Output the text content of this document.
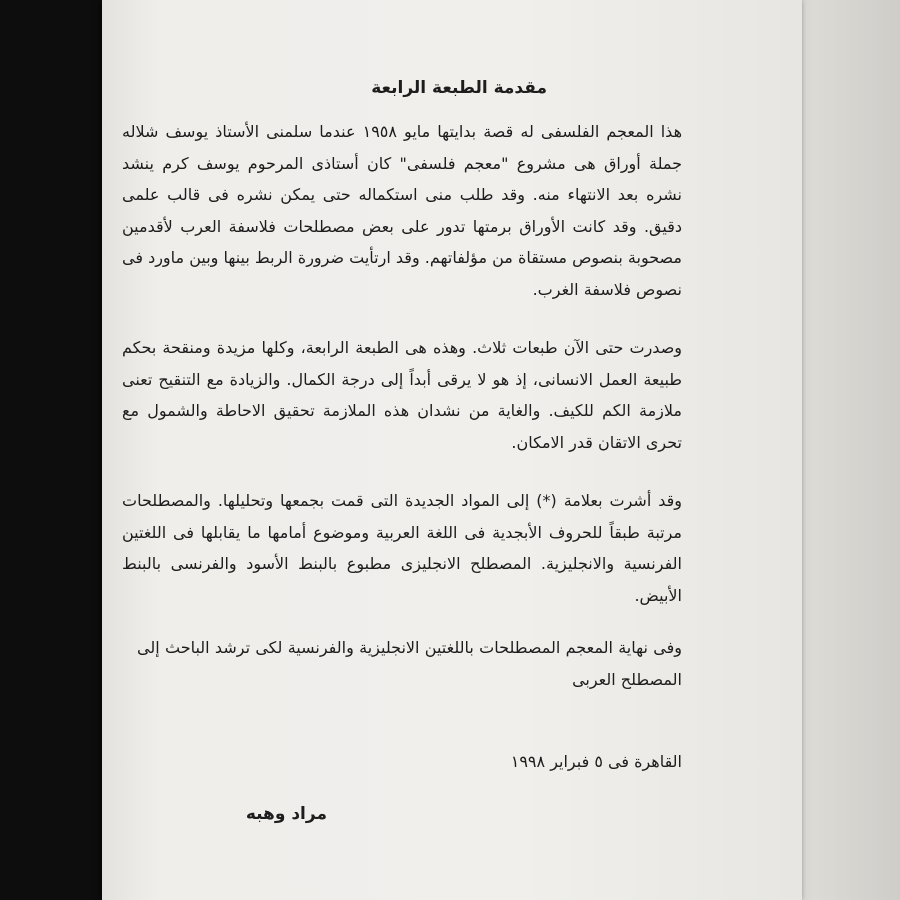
مقدمة الطبعة الرابعة
هذا المعجم الفلسفى له قصة بدايتها مايو ١٩٥٨ عندما سلمنى الأستاذ يوسف شلاله جملة أوراق هى مشروع "معجم فلسفى" كان أستاذى المرحوم يوسف كرم ينشد نشره بعد الانتهاء منه. وقد طلب منى استكماله حتى يمكن نشره فى قالب علمى دقيق. وقد كانت الأوراق برمتها تدور على بعض مصطلحات فلاسفة العرب لأقدمين مصحوبة بنصوص مستقاة من مؤلفاتهم. وقد ارتأيت ضرورة الربط بينها وبين ماورد فى نصوص فلاسفة الغرب.
وصدرت حتى الآن طبعات ثلاث. وهذه هى الطبعة الرابعة، وكلها مزيدة ومنقحة بحكم طبيعة العمل الانسانى، إذ هو لا يرقى أبداً إلى درجة الكمال. والزيادة مع التنقيح تعنى ملازمة الكم للكيف. والغاية من نشدان هذه الملازمة تحقيق الاحاطة والشمول مع تحرى الاتقان قدر الامكان.
وقد أشرت بعلامة (*) إلى المواد الجديدة التى قمت بجمعها وتحليلها. والمصطلحات مرتبة طبقاً للحروف الأبجدية فى اللغة العربية وموضوع أمامها ما يقابلها فى اللغتين الفرنسية والانجليزية. المصطلح الانجليزى مطبوع بالبنط الأسود والفرنسى بالبنط الأبيض.
وفى نهاية المعجم المصطلحات باللغتين الانجليزية والفرنسية لكى ترشد الباحث إلى المصطلح العربى
القاهرة فى ٥ فبراير ١٩٩٨
مراد وهبه
